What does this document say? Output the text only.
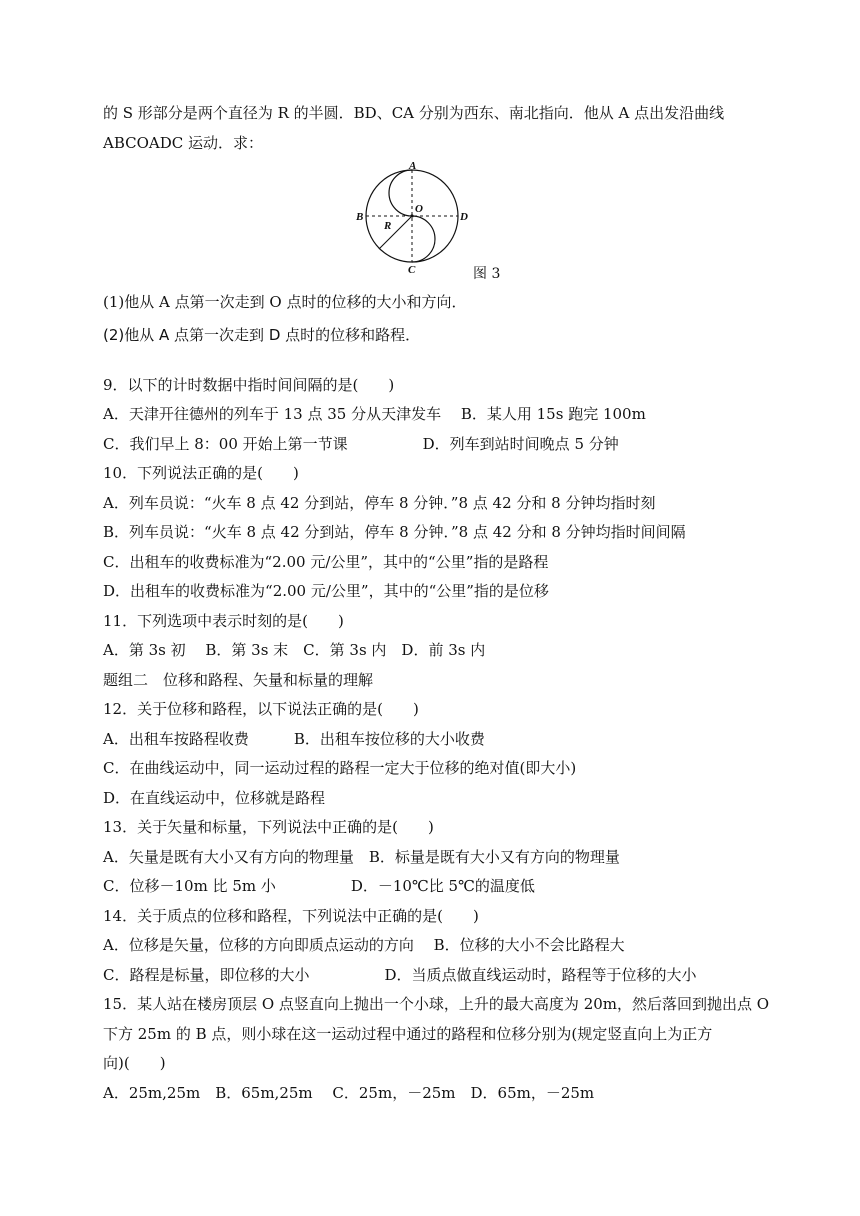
的 S 形部分是两个直径为 R 的半圆．BD、CA 分别为西东、南北指向．他从 A 点出发沿曲线
ABCOADC 运动．求：
A
B
C
D
O
R
图 3
(1)他从 A 点第一次走到 O 点时的位移的大小和方向．
(2)他从 A 点第一次走到 D 点时的位移和路程．
9．以下的计时数据中指时间间隔的是(　　)
A．天津开往德州的列车于 13 点 35 分从天津发车　 B．某人用 15s 跑完 100m
C．我们早上 8：00 开始上第一节课　　　　　D．列车到站时间晚点 5 分钟
10．下列说法正确的是(　　)
A．列车员说：“火车 8 点 42 分到站，停车 8 分钟．”8 点 42 分和 8 分钟均指时刻
B．列车员说：“火车 8 点 42 分到站，停车 8 分钟．”8 点 42 分和 8 分钟均指时间间隔
C．出租车的收费标准为“2.00 元/公里”，其中的“公里”指的是路程
D．出租车的收费标准为“2.00 元/公里”，其中的“公里”指的是位移
11．下列选项中表示时刻的是(　　)
A．第 3s 初　 B．第 3s 末　C．第 3s 内　D．前 3s 内
题组二　位移和路程、矢量和标量的理解
12．关于位移和路程，以下说法正确的是(　　)
A．出租车按路程收费　　　B．出租车按位移的大小收费
C．在曲线运动中，同一运动过程的路程一定大于位移的绝对值(即大小)
D．在直线运动中，位移就是路程
13．关于矢量和标量，下列说法中正确的是(　　)
A．矢量是既有大小又有方向的物理量　B．标量是既有大小又有方向的物理量
C．位移－10m 比 5m 小　　　　　D．－10℃比 5℃的温度低
14．关于质点的位移和路程，下列说法中正确的是(　　)
A．位移是矢量，位移的方向即质点运动的方向　 B．位移的大小不会比路程大
C．路程是标量，即位移的大小　　　　　D．当质点做直线运动时，路程等于位移的大小
15．某人站在楼房顶层 O 点竖直向上抛出一个小球，上升的最大高度为 20m，然后落回到抛出点 O
下方 25m 的 B 点，则小球在这一运动过程中通过的路程和位移分别为(规定竖直向上为正方
向)(　　)
A．25m,25m　B．65m,25m　 C．25m，－25m　D．65m，－25m
